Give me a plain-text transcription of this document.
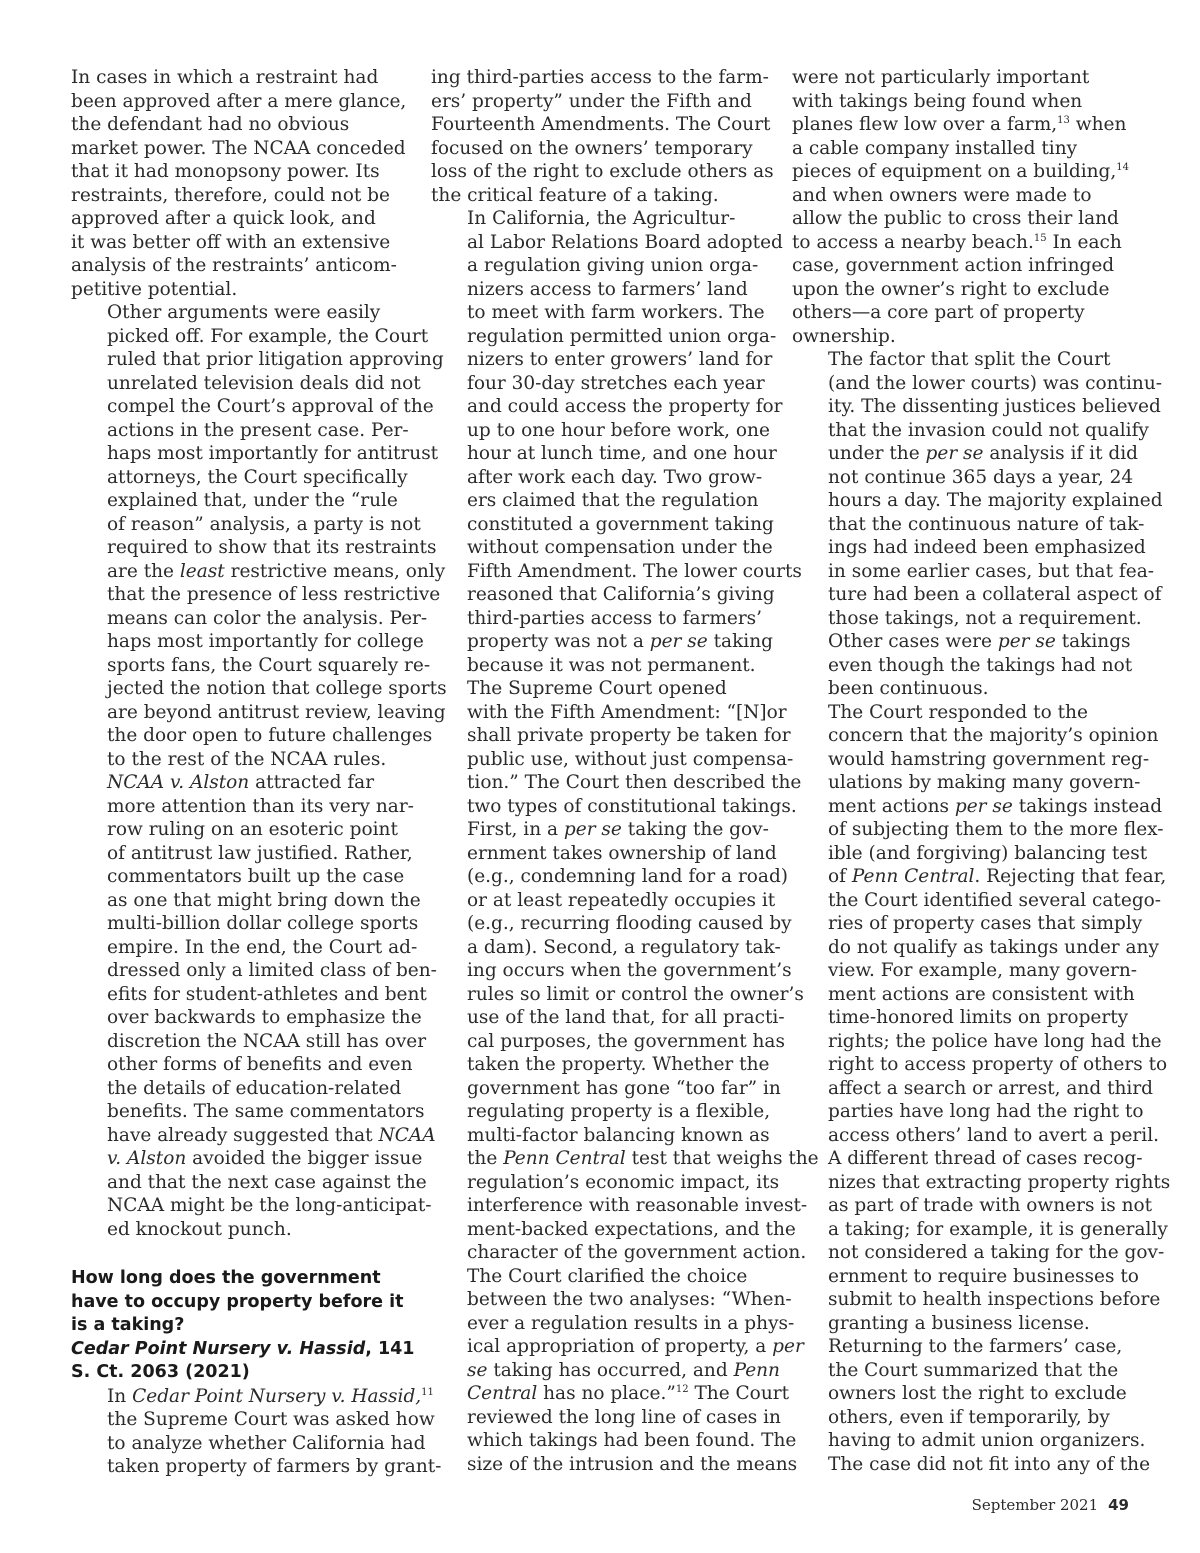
In cases in which a restraint had
been approved after a mere glance,
the defendant had no obvious
market power. The NCAA conceded
that it had monopsony power. Its
restraints, therefore, could not be
approved after a quick look, and
it was better off with an extensive
analysis of the restraints’ anticom-
petitive potential.
Other arguments were easily
picked off. For example, the Court
ruled that prior litigation approving
unrelated television deals did not
compel the Court’s approval of the
actions in the present case. Per-
haps most importantly for antitrust
attorneys, the Court specifically
explained that, under the “rule
of reason” analysis, a party is not
required to show that its restraints
are the least restrictive means, only
that the presence of less restrictive
means can color the analysis. Per-
haps most importantly for college
sports fans, the Court squarely re-
jected the notion that college sports
are beyond antitrust review, leaving
the door open to future challenges
to the rest of the NCAA rules.
NCAA v. Alston attracted far
more attention than its very nar-
row ruling on an esoteric point
of antitrust law justified. Rather,
commentators built up the case
as one that might bring down the
multi-billion dollar college sports
empire. In the end, the Court ad-
dressed only a limited class of ben-
efits for student-athletes and bent
over backwards to emphasize the
discretion the NCAA still has over
other forms of benefits and even
the details of education-related
benefits. The same commentators
have already suggested that NCAA
v. Alston avoided the bigger issue
and that the next case against the
NCAA might be the long-anticipat-
ed knockout punch.
How long does the government
have to occupy property before it
is a taking?
Cedar Point Nursery v. Hassid, 141
S. Ct. 2063 (2021)
In Cedar Point Nursery v. Hassid,$^{11}$
the Supreme Court was asked how
to analyze whether California had
taken property of farmers by grant-
ing third-parties access to the farm-
ers’ property” under the Fifth and
Fourteenth Amendments. The Court
focused on the owners’ temporary
loss of the right to exclude others as
the critical feature of a taking.
In California, the Agricultur-
al Labor Relations Board adopted
a regulation giving union orga-
nizers access to farmers’ land
to meet with farm workers. The
regulation permitted union orga-
nizers to enter growers’ land for
four 30-day stretches each year
and could access the property for
up to one hour before work, one
hour at lunch time, and one hour
after work each day. Two grow-
ers claimed that the regulation
constituted a government taking
without compensation under the
Fifth Amendment. The lower courts
reasoned that California’s giving
third-parties access to farmers’
property was not a per se taking
because it was not permanent.
The Supreme Court opened
with the Fifth Amendment: “[N]or
shall private property be taken for
public use, without just compensa-
tion.” The Court then described the
two types of constitutional takings.
First, in a per se taking the gov-
ernment takes ownership of land
(e.g., condemning land for a road)
or at least repeatedly occupies it
(e.g., recurring flooding caused by
a dam). Second, a regulatory tak-
ing occurs when the government’s
rules so limit or control the owner’s
use of the land that, for all practi-
cal purposes, the government has
taken the property. Whether the
government has gone “too far” in
regulating property is a flexible,
multi-factor balancing known as
the Penn Central test that weighs the
regulation’s economic impact, its
interference with reasonable invest-
ment-backed expectations, and the
character of the government action.
The Court clarified the choice
between the two analyses: “When-
ever a regulation results in a phys-
ical appropriation of property, a per
se taking has occurred, and Penn
Central has no place.”$^{12}$ The Court
reviewed the long line of cases in
which takings had been found. The
size of the intrusion and the means
were not particularly important
with takings being found when
planes flew low over a farm,$^{13}$ when
a cable company installed tiny
pieces of equipment on a building,$^{14}$
and when owners were made to
allow the public to cross their land
to access a nearby beach.$^{15}$ In each
case, government action infringed
upon the owner’s right to exclude
others—a core part of property
ownership.
The factor that split the Court
(and the lower courts) was continu-
ity. The dissenting justices believed
that the invasion could not qualify
under the per se analysis if it did
not continue 365 days a year, 24
hours a day. The majority explained
that the continuous nature of tak-
ings had indeed been emphasized
in some earlier cases, but that fea-
ture had been a collateral aspect of
those takings, not a requirement.
Other cases were per se takings
even though the takings had not
been continuous.
The Court responded to the
concern that the majority’s opinion
would hamstring government reg-
ulations by making many govern-
ment actions per se takings instead
of subjecting them to the more flex-
ible (and forgiving) balancing test
of Penn Central. Rejecting that fear,
the Court identified several catego-
ries of property cases that simply
do not qualify as takings under any
view. For example, many govern-
ment actions are consistent with
time-honored limits on property
rights; the police have long had the
right to access property of others to
affect a search or arrest, and third
parties have long had the right to
access others’ land to avert a peril.
A different thread of cases recog-
nizes that extracting property rights
as part of trade with owners is not
a taking; for example, it is generally
not considered a taking for the gov-
ernment to require businesses to
submit to health inspections before
granting a business license.
Returning to the farmers’ case,
the Court summarized that the
owners lost the right to exclude
others, even if temporarily, by
having to admit union organizers.
The case did not fit into any of the
September 2021 49
